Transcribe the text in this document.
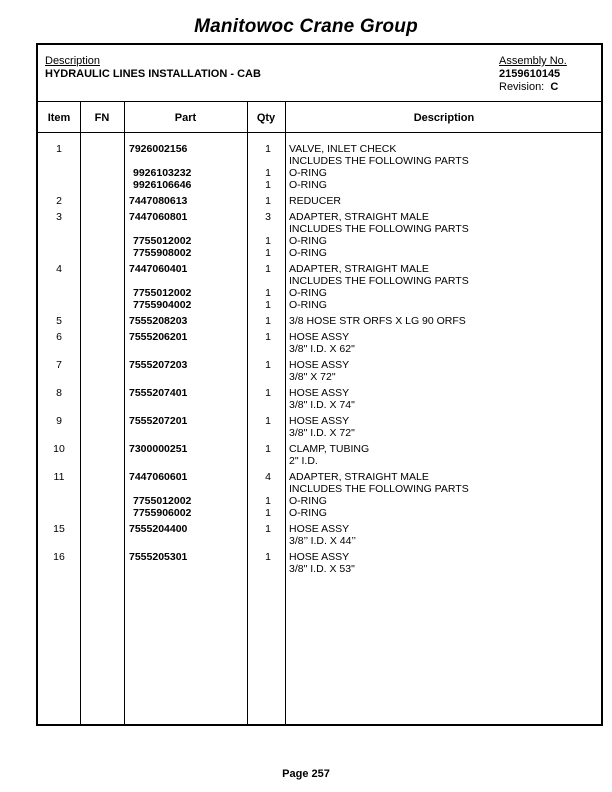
Manitowoc Crane Group
Description
HYDRAULIC LINES INSTALLATION - CAB
Assembly No.
2159610145
Revision: C
Item	FN	Part	Qty	Description
1	7926002156	1	VALVE, INLET CHECK
INCLUDES THE FOLLOWING PARTS
9926103232	1	O-RING
9926106646	1	O-RING
2	7447080613	1	REDUCER
3	7447060801	3	ADAPTER, STRAIGHT MALE
INCLUDES THE FOLLOWING PARTS
7755012002	1	O-RING
7755908002	1	O-RING
4	7447060401	1	ADAPTER, STRAIGHT MALE
INCLUDES THE FOLLOWING PARTS
7755012002	1	O-RING
7755904002	1	O-RING
5	7555208203	1	3/8 HOSE STR ORFS X LG 90 ORFS
6	7555206201	1	HOSE ASSY
3/8" I.D. X 62"
7	7555207203	1	HOSE ASSY
3/8" X 72"
8	7555207401	1	HOSE ASSY
3/8" I.D. X 74"
9	7555207201	1	HOSE ASSY
3/8" I.D. X 72"
10	7300000251	1	CLAMP, TUBING
2" I.D.
11	7447060601	4	ADAPTER, STRAIGHT MALE
INCLUDES THE FOLLOWING PARTS
7755012002	1	O-RING
7755906002	1	O-RING
15	7555204400	1	HOSE ASSY
3/8’’ I.D. X 44’’
16	7555205301	1	HOSE ASSY
3/8" I.D. X 53"
Page 257
